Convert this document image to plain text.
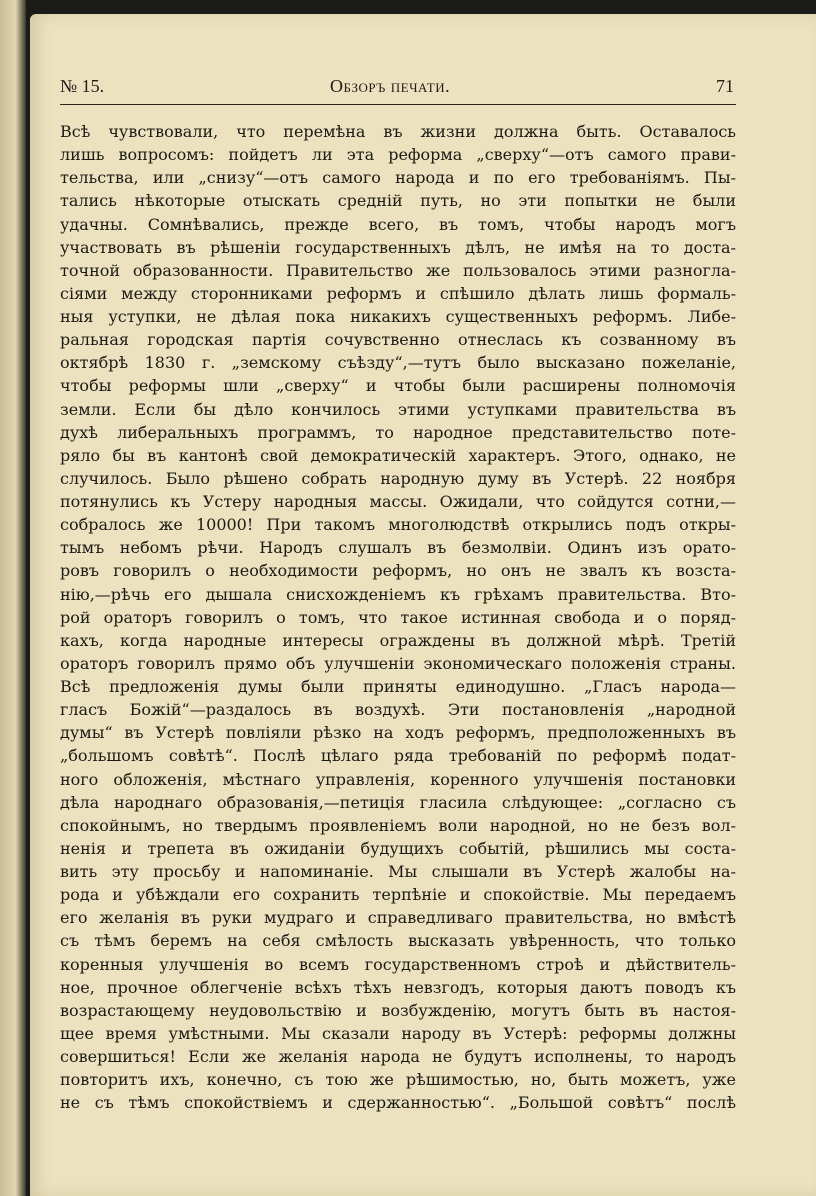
№ 15.	Обзоръ печати.	71
Всѣ чувствовали, что перемѣна въ жизни должна быть. Оставалось
лишь вопросомъ: пойдетъ ли эта реформа „сверху“—отъ самого прави-
тельства, или „снизу“—отъ самого народа и по его требованіямъ. Пы-
тались нѣкоторые отыскать средній путь, но эти попытки не были
удачны. Сомнѣвались, прежде всего, въ томъ, чтобы народъ могъ
участвовать въ рѣшеніи государственныхъ дѣлъ, не имѣя на то доста-
точной образованности. Правительство же пользовалось этими разногла-
сіями между сторонниками реформъ и спѣшило дѣлать лишь формаль-
ныя уступки, не дѣлая пока никакихъ существенныхъ реформъ. Либе-
ральная городская партія сочувственно отнеслась къ созванному въ
октябрѣ 1830 г. „земскому съѣзду“,—тутъ было высказано пожеланіе,
чтобы реформы шли „сверху“ и чтобы были расширены полномочія
земли. Если бы дѣло кончилось этими уступками правительства въ
духѣ либеральныхъ программъ, то народное представительство поте-
ряло бы въ кантонѣ свой демократическій характеръ. Этого, однако, не
случилось. Было рѣшено собрать народную думу въ Устерѣ. 22 ноября
потянулись къ Устеру народныя массы. Ожидали, что сойдутся сотни,—
собралось же 10000! При такомъ многолюдствѣ открылись подъ откры-
тымъ небомъ рѣчи. Народъ слушалъ въ безмолвіи. Одинъ изъ орато-
ровъ говорилъ о необходимости реформъ, но онъ не звалъ къ возста-
нію,—рѣчь его дышала снисхожденіемъ къ грѣхамъ правительства. Вто-
рой ораторъ говорилъ о томъ, что такое истинная свобода и о поряд-
кахъ, когда народные интересы ограждены въ должной мѣрѣ. Третій
ораторъ говорилъ прямо объ улучшеніи экономическаго положенія страны.
Всѣ предложенія думы были приняты единодушно. „Гласъ народа—
гласъ Божій“—раздалось въ воздухѣ. Эти постановленія „народной
думы“ въ Устерѣ повліяли рѣзко на ходъ реформъ, предположенныхъ въ
„большомъ совѣтѣ“. Послѣ цѣлаго ряда требованій по реформѣ подат-
ного обложенія, мѣстнаго управленія, коренного улучшенія постановки
дѣла народнаго образованія,—петиція гласила слѣдующее: „согласно съ
спокойнымъ, но твердымъ проявленіемъ воли народной, но не безъ вол-
ненія и трепета въ ожиданіи будущихъ событій, рѣшились мы соста-
вить эту просьбу и напоминаніе. Мы слышали въ Устерѣ жалобы на-
рода и убѣждали его сохранить терпѣніе и спокойствіе. Мы передаемъ
его желанія въ руки мудраго и справедливаго правительства, но вмѣстѣ
съ тѣмъ беремъ на себя смѣлость высказать увѣренность, что только
коренныя улучшенія во всемъ государственномъ строѣ и дѣйствитель-
ное, прочное облегченіе всѣхъ тѣхъ невзгодъ, которыя даютъ поводъ къ
возрастающему неудовольствію и возбужденію, могутъ быть въ настоя-
щее время умѣстными. Мы сказали народу въ Устерѣ: реформы должны
совершиться! Если же желанія народа не будутъ исполнены, то народъ
повторитъ ихъ, конечно, съ тою же рѣшимостью, но, быть можетъ, уже
не съ тѣмъ спокойствіемъ и сдержанностью“. „Большой совѣтъ“ послѣ
